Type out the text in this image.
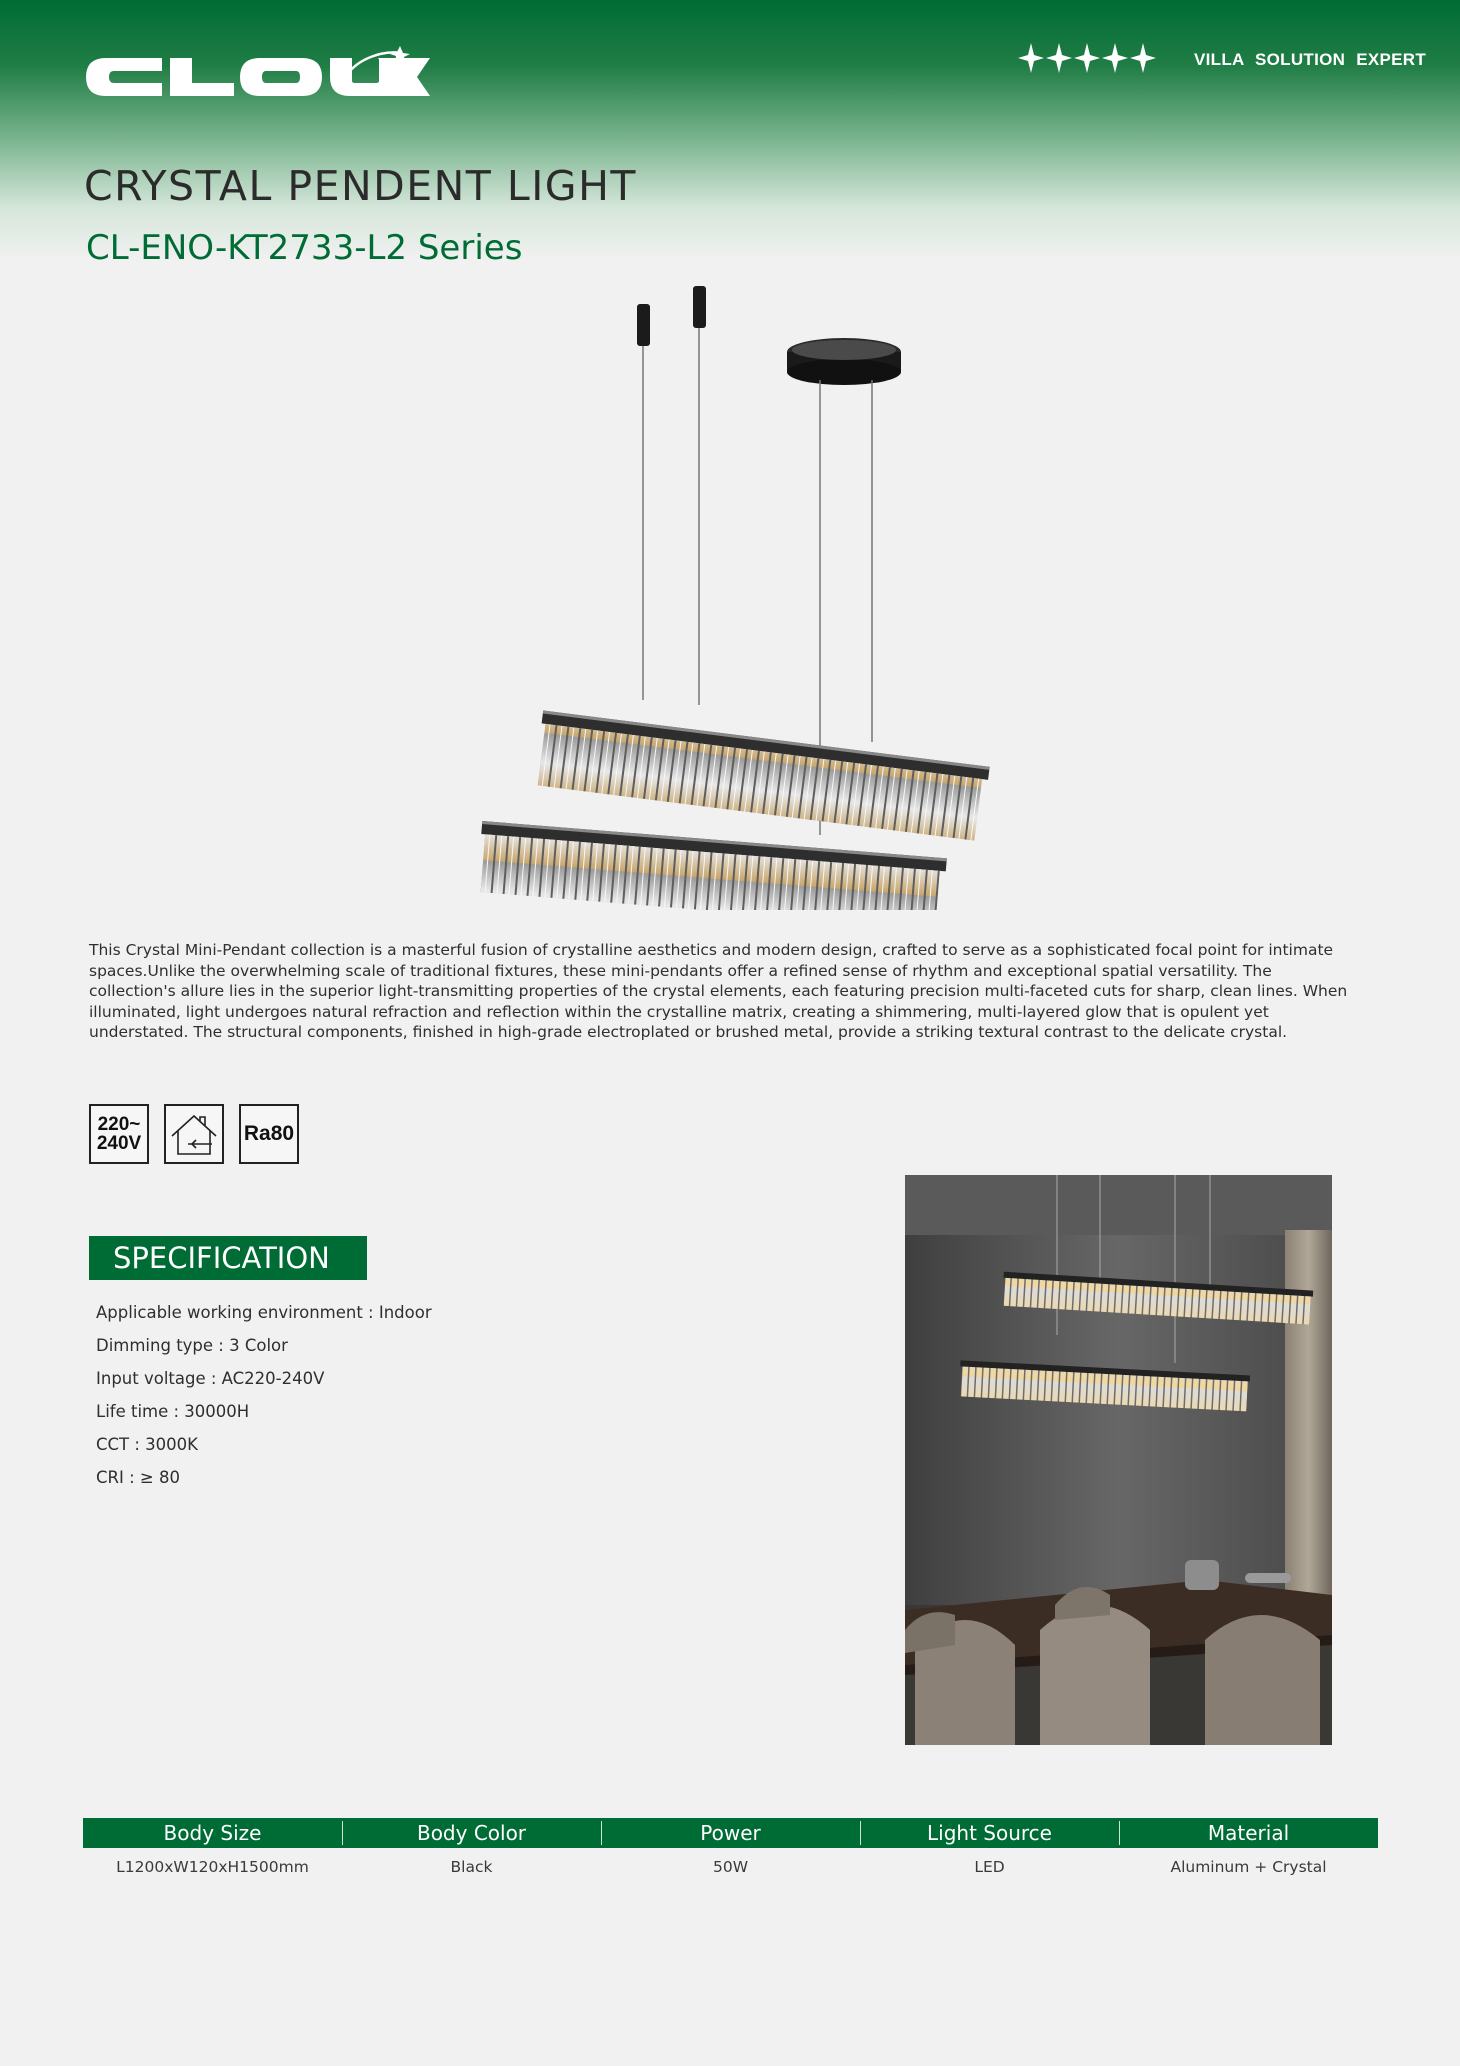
VILLA SOLUTION EXPERT
CRYSTAL PENDENT LIGHT
CL-ENO-KT2733-L2 Series

This Crystal Mini-Pendant collection is a masterful fusion of crystalline aesthetics and modern design, crafted to serve as a sophisticated focal point for intimate spaces.Unlike the overwhelming scale of traditional fixtures, these mini-pendants offer a refined sense of rhythm and exceptional spatial versatility. The collection's allure lies in the superior light-transmitting properties of the crystal elements, each featuring precision multi-faceted cuts for sharp, clean lines. When illuminated, light undergoes natural refraction and reflection within the crystalline matrix, creating a shimmering, multi-layered glow that is opulent yet understated. The structural components, finished in high-grade electroplated or brushed metal, provide a striking textural contrast to the delicate crystal.

220~
240V	Ra80
SPECIFICATION
Applicable working environment : Indoor
Dimming type : 3 Color
Input voltage : AC220-240V
Life time : 30000H
CCT : 3000K
CRI : ≥ 80
Body Size	Body Color	Power	Light Source	Material
L1200xW120xH1500mm	Black	50W	LED	Aluminum + Crystal
